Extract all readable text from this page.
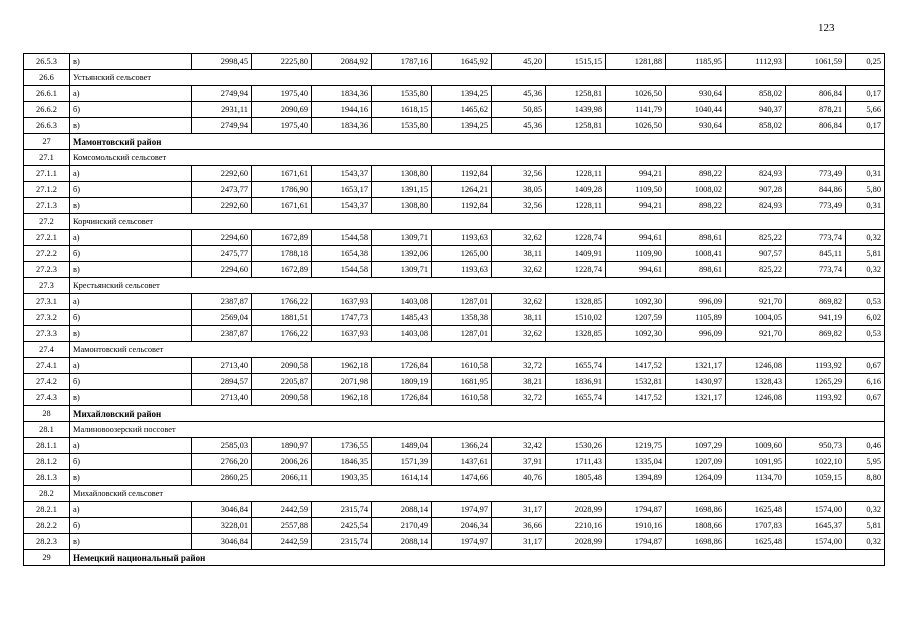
123
26.5.3	в)	2998,45	2225,80	2084,92	1787,16	1645,92	45,20	1515,15	1281,88	1185,95	1112,93	1061,59	0,25
26.6	Устьянский сельсовет												
26.6.1	а)	2749,94	1975,40	1834,36	1535,80	1394,25	45,36	1258,81	1026,50	930,64	858,02	806,84	0,17
26.6.2	б)	2931,11	2090,69	1944,16	1618,15	1465,62	50,85	1439,98	1141,79	1040,44	940,37	878,21	5,66
26.6.3	в)	2749,94	1975,40	1834,36	1535,80	1394,25	45,36	1258,81	1026,50	930,64	858,02	806,84	0,17
27	Мамонтовский район												
27.1	Комсомольский сельсовет												
27.1.1	а)	2292,60	1671,61	1543,37	1308,80	1192,84	32,56	1228,11	994,21	898,22	824,93	773,49	0,31
27.1.2	б)	2473,77	1786,90	1653,17	1391,15	1264,21	38,05	1409,28	1109,50	1008,02	907,28	844,86	5,80
27.1.3	в)	2292,60	1671,61	1543,37	1308,80	1192,84	32,56	1228,11	994,21	898,22	824,93	773,49	0,31
27.2	Корчинский сельсовет												
27.2.1	а)	2294,60	1672,89	1544,58	1309,71	1193,63	32,62	1228,74	994,61	898,61	825,22	773,74	0,32
27.2.2	б)	2475,77	1788,18	1654,38	1392,06	1265,00	38,11	1409,91	1109,90	1008,41	907,57	845,11	5,81
27.2.3	в)	2294,60	1672,89	1544,58	1309,71	1193,63	32,62	1228,74	994,61	898,61	825,22	773,74	0,32
27.3	Крестьянский сельсовет												
27.3.1	а)	2387,87	1766,22	1637,93	1403,08	1287,01	32,62	1328,85	1092,30	996,09	921,70	869,82	0,53
27.3.2	б)	2569,04	1881,51	1747,73	1485,43	1358,38	38,11	1510,02	1207,59	1105,89	1004,05	941,19	6,02
27.3.3	в)	2387,87	1766,22	1637,93	1403,08	1287,01	32,62	1328,85	1092,30	996,09	921,70	869,82	0,53
27.4	Мамонтовский сельсовет												
27.4.1	а)	2713,40	2090,58	1962,18	1726,84	1610,58	32,72	1655,74	1417,52	1321,17	1246,08	1193,92	0,67
27.4.2	б)	2894,57	2205,87	2071,98	1809,19	1681,95	38,21	1836,91	1532,81	1430,97	1328,43	1265,29	6,16
27.4.3	в)	2713,40	2090,58	1962,18	1726,84	1610,58	32,72	1655,74	1417,52	1321,17	1246,08	1193,92	0,67
28	Михайловский район												
28.1	Малиновоозерский поссовет												
28.1.1	а)	2585,03	1890,97	1736,55	1489,04	1366,24	32,42	1530,26	1219,75	1097,29	1009,60	950,73	0,46
28.1.2	б)	2766,20	2006,26	1846,35	1571,39	1437,61	37,91	1711,43	1335,04	1207,09	1091,95	1022,10	5,95
28.1.3	в)	2860,25	2066,11	1903,35	1614,14	1474,66	40,76	1805,48	1394,89	1264,09	1134,70	1059,15	8,80
28.2	Михайловский сельсовет												
28.2.1	а)	3046,84	2442,59	2315,74	2088,14	1974,97	31,17	2028,99	1794,87	1698,86	1625,48	1574,00	0,32
28.2.2	б)	3228,01	2557,88	2425,54	2170,49	2046,34	36,66	2210,16	1910,16	1808,66	1707,83	1645,37	5,81
28.2.3	в)	3046,84	2442,59	2315,74	2088,14	1974,97	31,17	2028,99	1794,87	1698,86	1625,48	1574,00	0,32
29	Немецкий национальный район												
